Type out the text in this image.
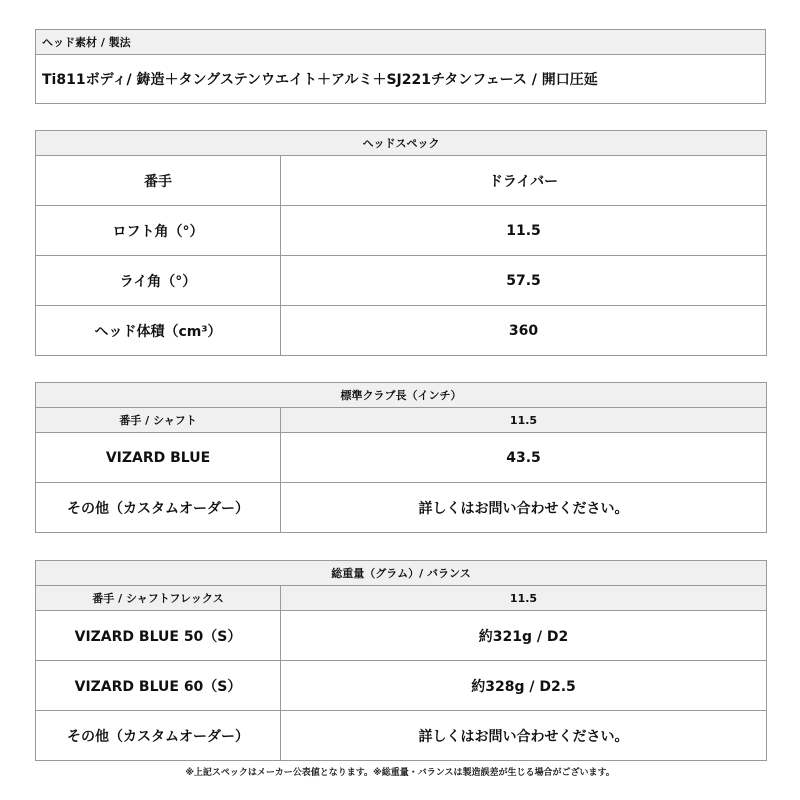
ヘッド素材 / 製法
Ti811ボディ/ 鋳造＋タングステンウエイト＋アルミ＋SJ221チタンフェース / 開口圧延
ヘッドスペック	
番手	ドライバー
ロフト角（°）	11.5
ライ角（°）	57.5
ヘッド体積（cm³）	360
標準クラブ長（インチ）	
番手 / シャフト	11.5
VIZARD BLUE	43.5
その他（カスタムオーダー）	詳しくはお問い合わせください。
総重量（グラム）/ バランス	
番手 / シャフトフレックス	11.5
VIZARD BLUE 50（S）	約321g / D2
VIZARD BLUE 60（S）	約328g / D2.5
その他（カスタムオーダー）	詳しくはお問い合わせください。
※上記スペックはメーカー公表値となります。※総重量・バランスは製造誤差が生じる場合がございます。
